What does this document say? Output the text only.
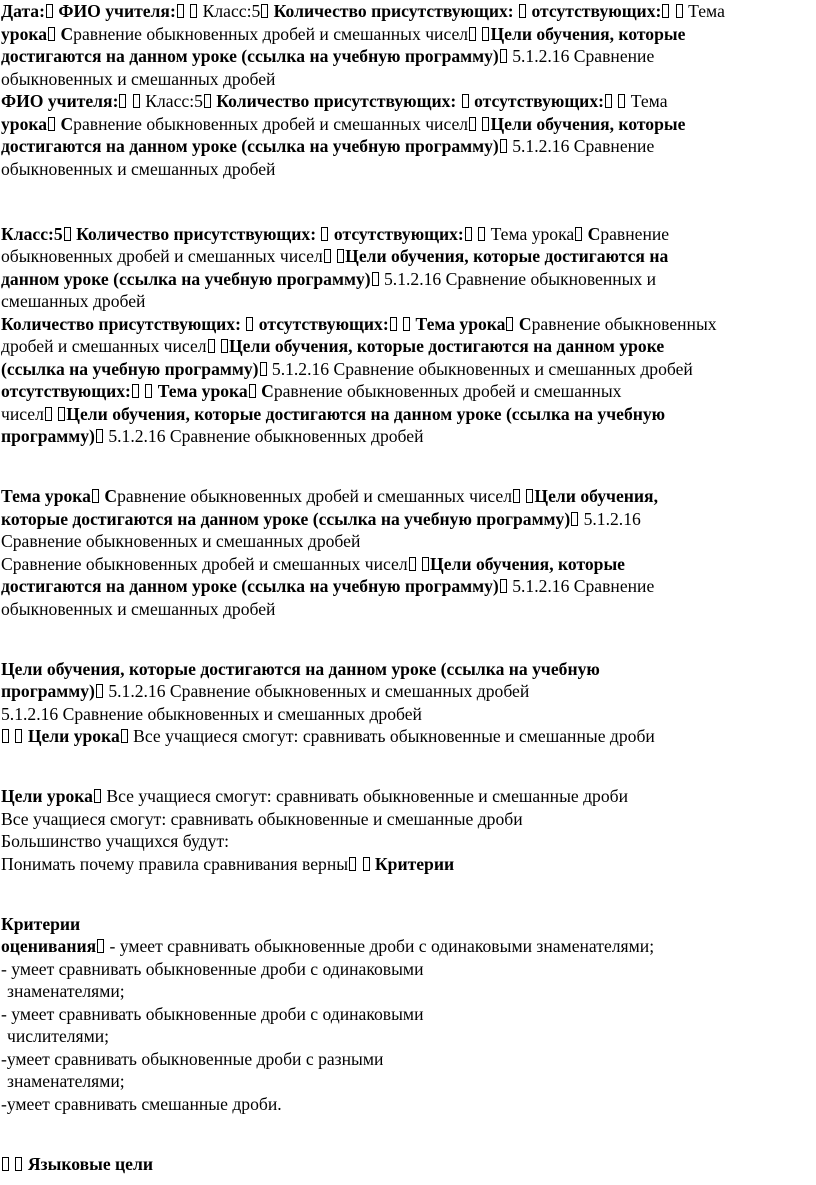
Дата: ФИО учителя: Класс:5 Количество присутствующих: отсутствующих: Тема

урока Сравнение обыкновенных дробей и смешанных чисел Цели обучения, которые

достигаются на данном уроке (ссылка на учебную программу) 5.1.2.16 Сравнение

обыкновенных и смешанных дробей

ФИО учителя: Класс:5 Количество присутствующих: отсутствующих: Тема

урока Сравнение обыкновенных дробей и смешанных чисел Цели обучения, которые

достигаются на данном уроке (ссылка на учебную программу) 5.1.2.16 Сравнение

обыкновенных и смешанных дробей

Класс:5 Количество присутствующих: отсутствующих: Тема урока Сравнение

обыкновенных дробей и смешанных чисел Цели обучения, которые достигаются на

данном уроке (ссылка на учебную программу) 5.1.2.16 Сравнение обыкновенных и

смешанных дробей

Количество присутствующих: отсутствующих: Тема урока Сравнение обыкновенных

дробей и смешанных чисел Цели обучения, которые достигаются на данном уроке

(ссылка на учебную программу) 5.1.2.16 Сравнение обыкновенных и смешанных дробей

отсутствующих: Тема урока Сравнение обыкновенных дробей и смешанных

чисел Цели обучения, которые достигаются на данном уроке (ссылка на учебную

программу) 5.1.2.16 Сравнение обыкновенных дробей

Тема урока Сравнение обыкновенных дробей и смешанных чисел Цели обучения,

которые достигаются на данном уроке (ссылка на учебную программу) 5.1.2.16

Сравнение обыкновенных и смешанных дробей

Сравнение обыкновенных дробей и смешанных чисел Цели обучения, которые

достигаются на данном уроке (ссылка на учебную программу) 5.1.2.16 Сравнение

обыкновенных и смешанных дробей

Цели обучения, которые достигаются на данном уроке (ссылка на учебную

программу) 5.1.2.16 Сравнение обыкновенных и смешанных дробей

5.1.2.16 Сравнение обыкновенных и смешанных дробей

Цели урока Все учащиеся смогут: сравнивать обыкновенные и смешанные дроби

Цели урока Все учащиеся смогут: сравнивать обыкновенные и смешанные дроби

Все учащиеся смогут: сравнивать обыкновенные и смешанные дроби

Большинство учащихся будут:

Понимать почему правила сравнивания верны Критерии

Критерии

оценивания - умеет сравнивать обыкновенные дроби с одинаковыми знаменателями;

- умеет сравнивать обыкновенные дроби с одинаковыми

знаменателями;

- умеет сравнивать обыкновенные дроби с одинаковыми

числителями;

-умеет сравнивать обыкновенные дроби с разными

знаменателями;

-умеет сравнивать смешанные дроби.

Языковые цели
